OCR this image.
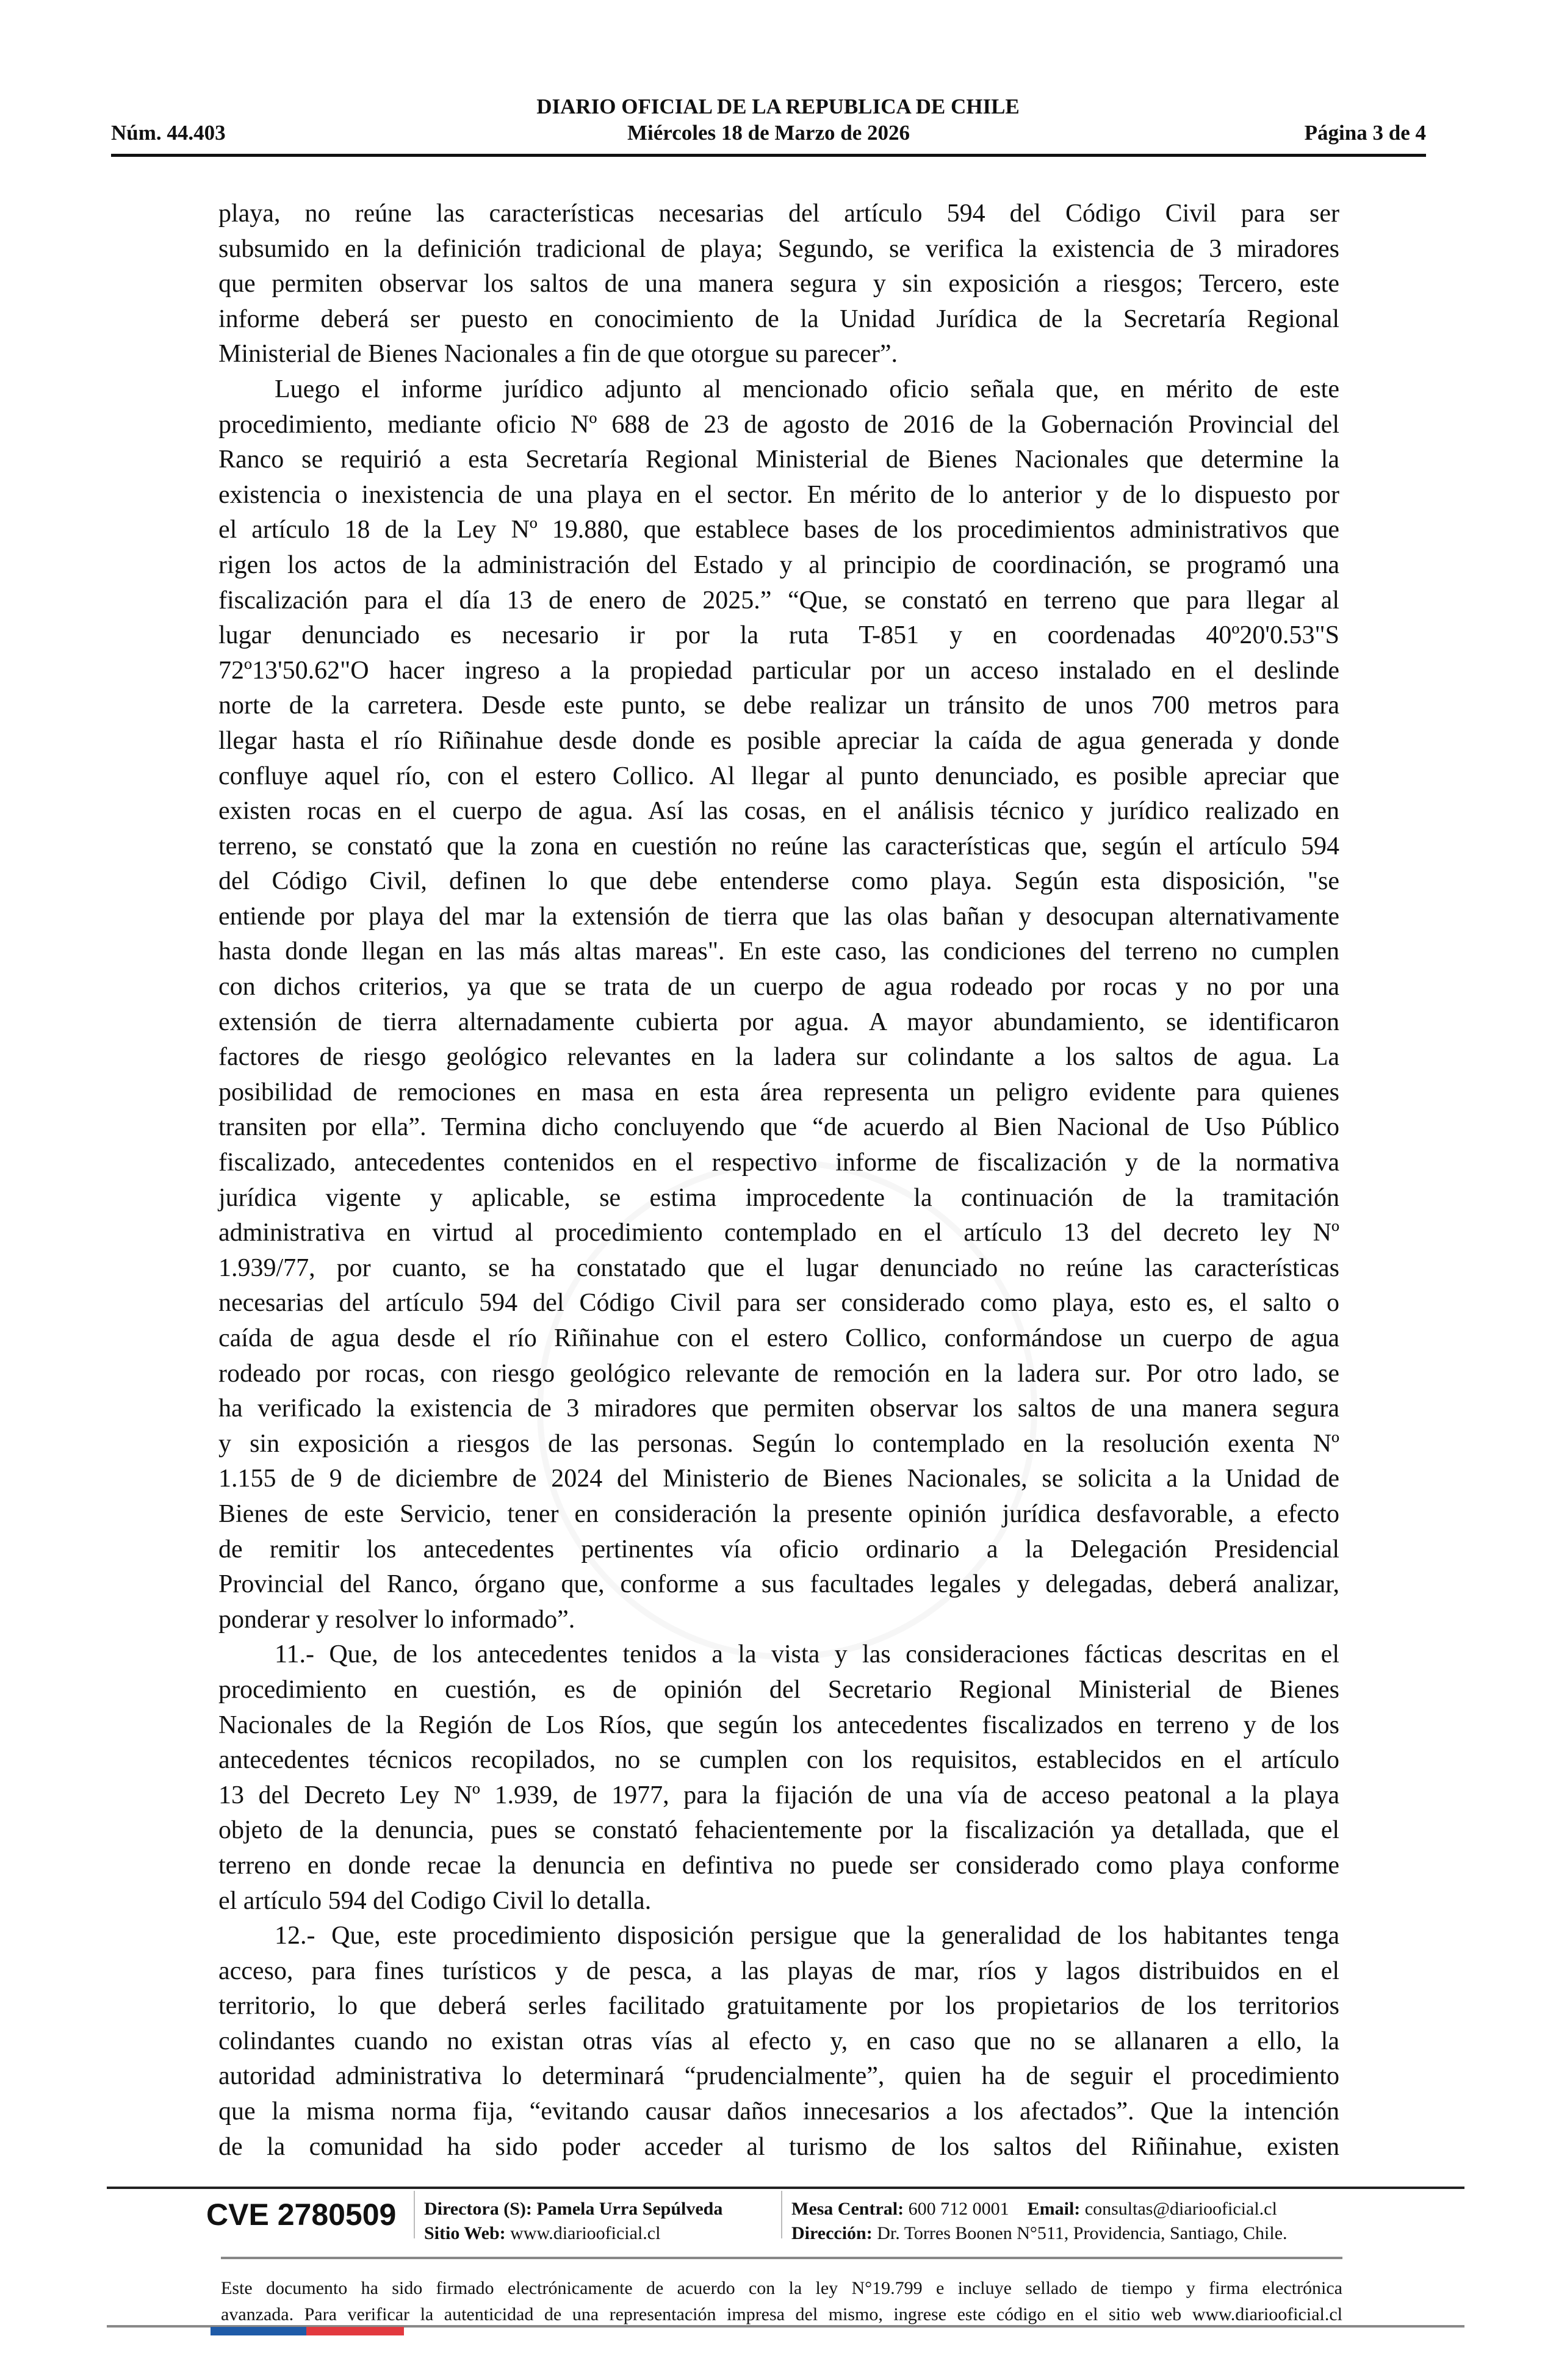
DIARIO OFICIAL DE LA REPUBLICA DE CHILE
Núm. 44.403	Miércoles 18 de Marzo de 2026	Página 3 de 4
playa, no reúne las características necesarias del artículo 594 del Código Civil para ser
subsumido en la definición tradicional de playa; Segundo, se verifica la existencia de 3 miradores
que permiten observar los saltos de una manera segura y sin exposición a riesgos; Tercero, este
informe deberá ser puesto en conocimiento de la Unidad Jurídica de la Secretaría Regional
Ministerial de Bienes Nacionales a fin de que otorgue su parecer”.
Luego el informe jurídico adjunto al mencionado oficio señala que, en mérito de este
procedimiento, mediante oficio Nº 688 de 23 de agosto de 2016 de la Gobernación Provincial del
Ranco se requirió a esta Secretaría Regional Ministerial de Bienes Nacionales que determine la
existencia o inexistencia de una playa en el sector. En mérito de lo anterior y de lo dispuesto por
el artículo 18 de la Ley Nº 19.880, que establece bases de los procedimientos administrativos que
rigen los actos de la administración del Estado y al principio de coordinación, se programó una
fiscalización para el día 13 de enero de 2025.” “Que, se constató en terreno que para llegar al
lugar denunciado es necesario ir por la ruta T-851 y en coordenadas 40º20'0.53"S
72º13'50.62"O hacer ingreso a la propiedad particular por un acceso instalado en el deslinde
norte de la carretera. Desde este punto, se debe realizar un tránsito de unos 700 metros para
llegar hasta el río Riñinahue desde donde es posible apreciar la caída de agua generada y donde
confluye aquel río, con el estero Collico. Al llegar al punto denunciado, es posible apreciar que
existen rocas en el cuerpo de agua. Así las cosas, en el análisis técnico y jurídico realizado en
terreno, se constató que la zona en cuestión no reúne las características que, según el artículo 594
del Código Civil, definen lo que debe entenderse como playa. Según esta disposición, "se
entiende por playa del mar la extensión de tierra que las olas bañan y desocupan alternativamente
hasta donde llegan en las más altas mareas". En este caso, las condiciones del terreno no cumplen
con dichos criterios, ya que se trata de un cuerpo de agua rodeado por rocas y no por una
extensión de tierra alternadamente cubierta por agua. A mayor abundamiento, se identificaron
factores de riesgo geológico relevantes en la ladera sur colindante a los saltos de agua. La
posibilidad de remociones en masa en esta área representa un peligro evidente para quienes
transiten por ella”. Termina dicho concluyendo que “de acuerdo al Bien Nacional de Uso Público
fiscalizado, antecedentes contenidos en el respectivo informe de fiscalización y de la normativa
jurídica vigente y aplicable, se estima improcedente la continuación de la tramitación
administrativa en virtud al procedimiento contemplado en el artículo 13 del decreto ley Nº
1.939/77, por cuanto, se ha constatado que el lugar denunciado no reúne las características
necesarias del artículo 594 del Código Civil para ser considerado como playa, esto es, el salto o
caída de agua desde el río Riñinahue con el estero Collico, conformándose un cuerpo de agua
rodeado por rocas, con riesgo geológico relevante de remoción en la ladera sur. Por otro lado, se
ha verificado la existencia de 3 miradores que permiten observar los saltos de una manera segura
y sin exposición a riesgos de las personas. Según lo contemplado en la resolución exenta Nº
1.155 de 9 de diciembre de 2024 del Ministerio de Bienes Nacionales, se solicita a la Unidad de
Bienes de este Servicio, tener en consideración la presente opinión jurídica desfavorable, a efecto
de remitir los antecedentes pertinentes vía oficio ordinario a la Delegación Presidencial
Provincial del Ranco, órgano que, conforme a sus facultades legales y delegadas, deberá analizar,
ponderar y resolver lo informado”.
11.- Que, de los antecedentes tenidos a la vista y las consideraciones fácticas descritas en el
procedimiento en cuestión, es de opinión del Secretario Regional Ministerial de Bienes
Nacionales de la Región de Los Ríos, que según los antecedentes fiscalizados en terreno y de los
antecedentes técnicos recopilados, no se cumplen con los requisitos, establecidos en el artículo
13 del Decreto Ley Nº 1.939, de 1977, para la fijación de una vía de acceso peatonal a la playa
objeto de la denuncia, pues se constató fehacientemente por la fiscalización ya detallada, que el
terreno en donde recae la denuncia en defintiva no puede ser considerado como playa conforme
el artículo 594 del Codigo Civil lo detalla.
12.- Que, este procedimiento disposición persigue que la generalidad de los habitantes tenga
acceso, para fines turísticos y de pesca, a las playas de mar, ríos y lagos distribuidos en el
territorio, lo que deberá serles facilitado gratuitamente por los propietarios de los territorios
colindantes cuando no existan otras vías al efecto y, en caso que no se allanaren a ello, la
autoridad administrativa lo determinará “prudencialmente”, quien ha de seguir el procedimiento
que la misma norma fija, “evitando causar daños innecesarios a los afectados”. Que la intención
de la comunidad ha sido poder acceder al turismo de los saltos del Riñinahue, existen
CVE 2780509 Directora (S): Pamela Urra Sepúlveda
Sitio Web: www.diariooficial.cl
Mesa Central: 600 712 0001 Email: consultas@diariooficial.cl
Dirección: Dr. Torres Boonen N°511, Providencia, Santiago, Chile.
Este documento ha sido firmado electrónicamente de acuerdo con la ley N°19.799 e incluye sellado de tiempo y firma electrónica
avanzada. Para verificar la autenticidad de una representación impresa del mismo, ingrese este código en el sitio web www.diariooficial.cl
